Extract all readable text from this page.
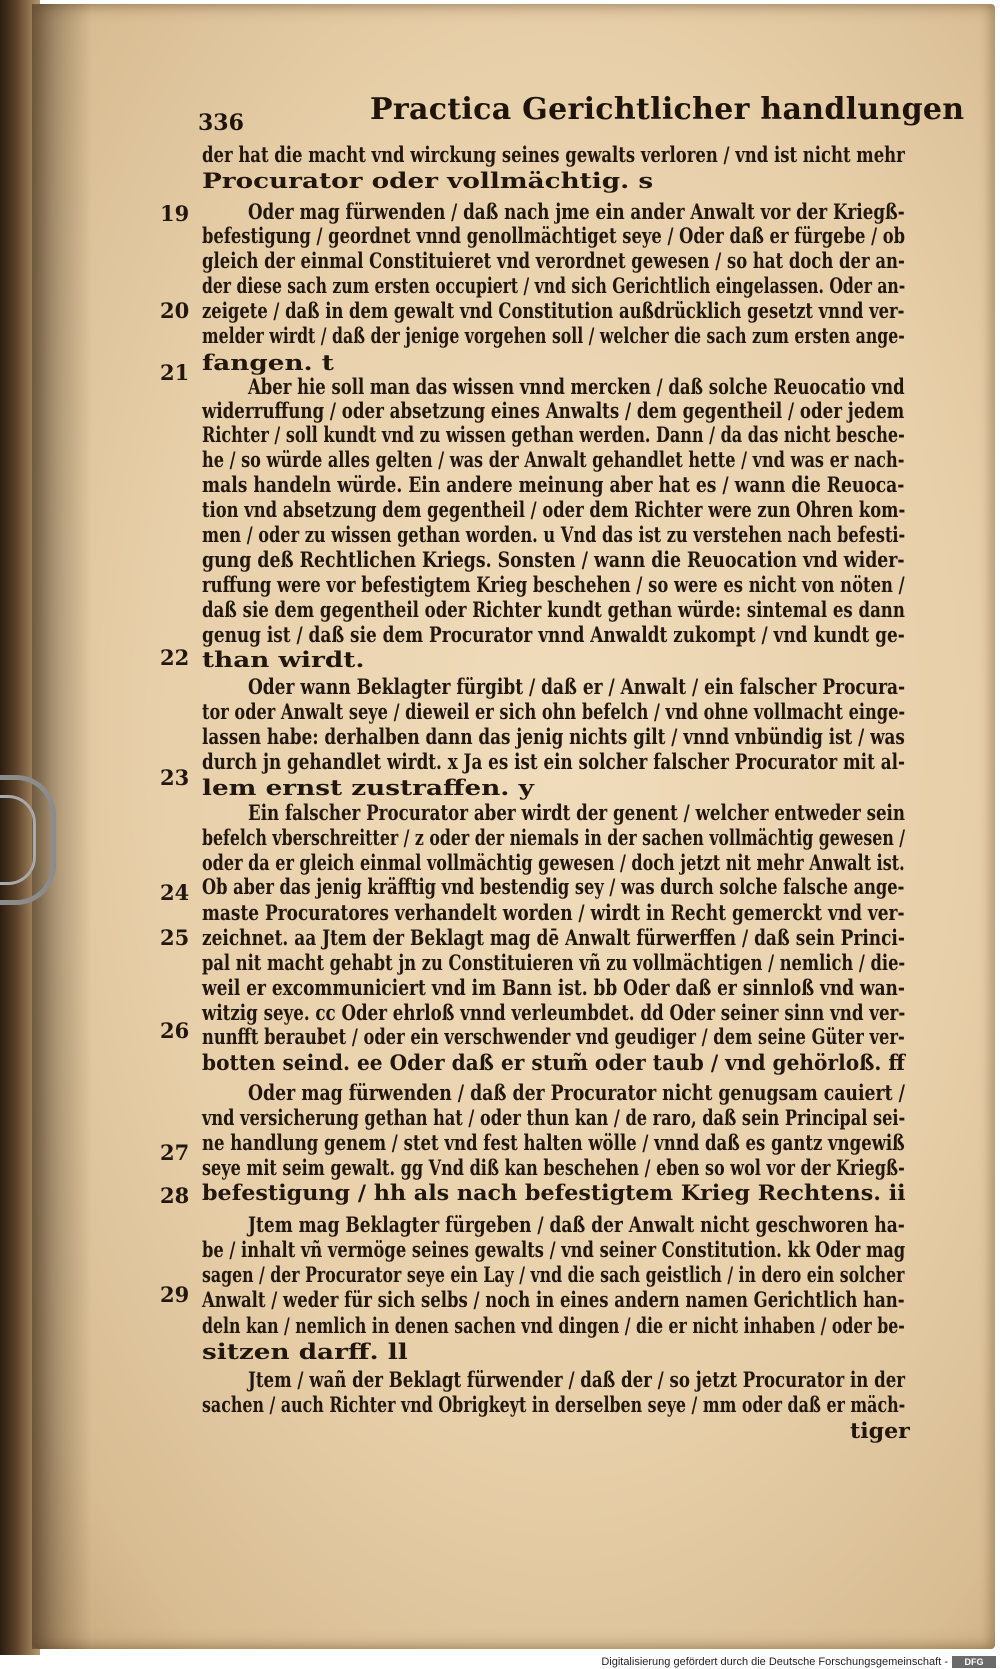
336	Practica Gerichtlicher handlungen
der hat die macht vnd wirckung seines gewalts verloren / vnd ist nicht mehr
Procurator oder vollmächtig. s
Oder mag fürwenden / daß nach jme ein ander Anwalt vor der Kriegß-
befestigung / geordnet vnnd genollmächtiget seye / Oder daß er fürgebe / ob
gleich der einmal Constituieret vnd verordnet gewesen / so hat doch der an-
der diese sach zum ersten occupiert / vnd sich Gerichtlich eingelassen. Oder an-
zeigete / daß in dem gewalt vnd Constitution außdrücklich gesetzt vnnd ver-
melder wirdt / daß der jenige vorgehen soll / welcher die sach zum ersten ange-
fangen. t
Aber hie soll man das wissen vnnd mercken / daß solche Reuocatio vnd
widerruffung / oder absetzung eines Anwalts / dem gegentheil / oder jedem
Richter / soll kundt vnd zu wissen gethan werden. Dann / da das nicht besche-
he / so würde alles gelten / was der Anwalt gehandlet hette / vnd was er nach-
mals handeln würde. Ein andere meinung aber hat es / wann die Reuoca-
tion vnd absetzung dem gegentheil / oder dem Richter were zun Ohren kom-
men / oder zu wissen gethan worden. u Vnd das ist zu verstehen nach befesti-
gung deß Rechtlichen Kriegs. Sonsten / wann die Reuocation vnd wider-
ruffung were vor befestigtem Krieg beschehen / so were es nicht von nöten /
daß sie dem gegentheil oder Richter kundt gethan würde: sintemal es dann
genug ist / daß sie dem Procurator vnnd Anwaldt zukompt / vnd kundt ge-
than wirdt.
Oder wann Beklagter fürgibt / daß er / Anwalt / ein falscher Procura-
tor oder Anwalt seye / dieweil er sich ohn befelch / vnd ohne vollmacht einge-
lassen habe: derhalben dann das jenig nichts gilt / vnnd vnbündig ist / was
durch jn gehandlet wirdt. x Ja es ist ein solcher falscher Procurator mit al-
lem ernst zustraffen. y
Ein falscher Procurator aber wirdt der genent / welcher entweder sein
befelch vberschreitter / z oder der niemals in der sachen vollmächtig gewesen /
oder da er gleich einmal vollmächtig gewesen / doch jetzt nit mehr Anwalt ist.
Ob aber das jenig kräfftig vnd bestendig sey / was durch solche falsche ange-
maste Procuratores verhandelt worden / wirdt in Recht gemerckt vnd ver-
zeichnet. aa Jtem der Beklagt mag dē Anwalt fürwerffen / daß sein Princi-
pal nit macht gehabt jn zu Constituieren vñ zu vollmächtigen / nemlich / die-
weil er excommuniciert vnd im Bann ist. bb Oder daß er sinnloß vnd wan-
witzig seye. cc Oder ehrloß vnnd verleumbdet. dd Oder seiner sinn vnd ver-
nunfft beraubet / oder ein verschwender vnd geudiger / dem seine Güter ver-
botten seind. ee Oder daß er stum̃ oder taub / vnd gehörloß. ff
Oder mag fürwenden / daß der Procurator nicht genugsam cauiert /
vnd versicherung gethan hat / oder thun kan / de raro, daß sein Principal sei-
ne handlung genem / stet vnd fest halten wölle / vnnd daß es gantz vngewiß
seye mit seim gewalt. gg Vnd diß kan beschehen / eben so wol vor der Kriegß-
befestigung / hh als nach befestigtem Krieg Rechtens. ii
Jtem mag Beklagter fürgeben / daß der Anwalt nicht geschworen ha-
be / inhalt vñ vermöge seines gewalts / vnd seiner Constitution. kk Oder mag
sagen / der Procurator seye ein Lay / vnd die sach geistlich / in dero ein solcher
Anwalt / weder für sich selbs / noch in eines andern namen Gerichtlich han-
deln kan / nemlich in denen sachen vnd dingen / die er nicht inhaben / oder be-
sitzen darff. ll
Jtem / wañ der Beklagt fürwender / daß der / so jetzt Procurator in der
sachen / auch Richter vnd Obrigkeyt in derselben seye / mm oder daß er mäch-
tiger
19
20
21
22
23
24
25
26
27
28
29
Digitalisierung gefördert durch die Deutsche Forschungsgemeinschaft -	DFG
